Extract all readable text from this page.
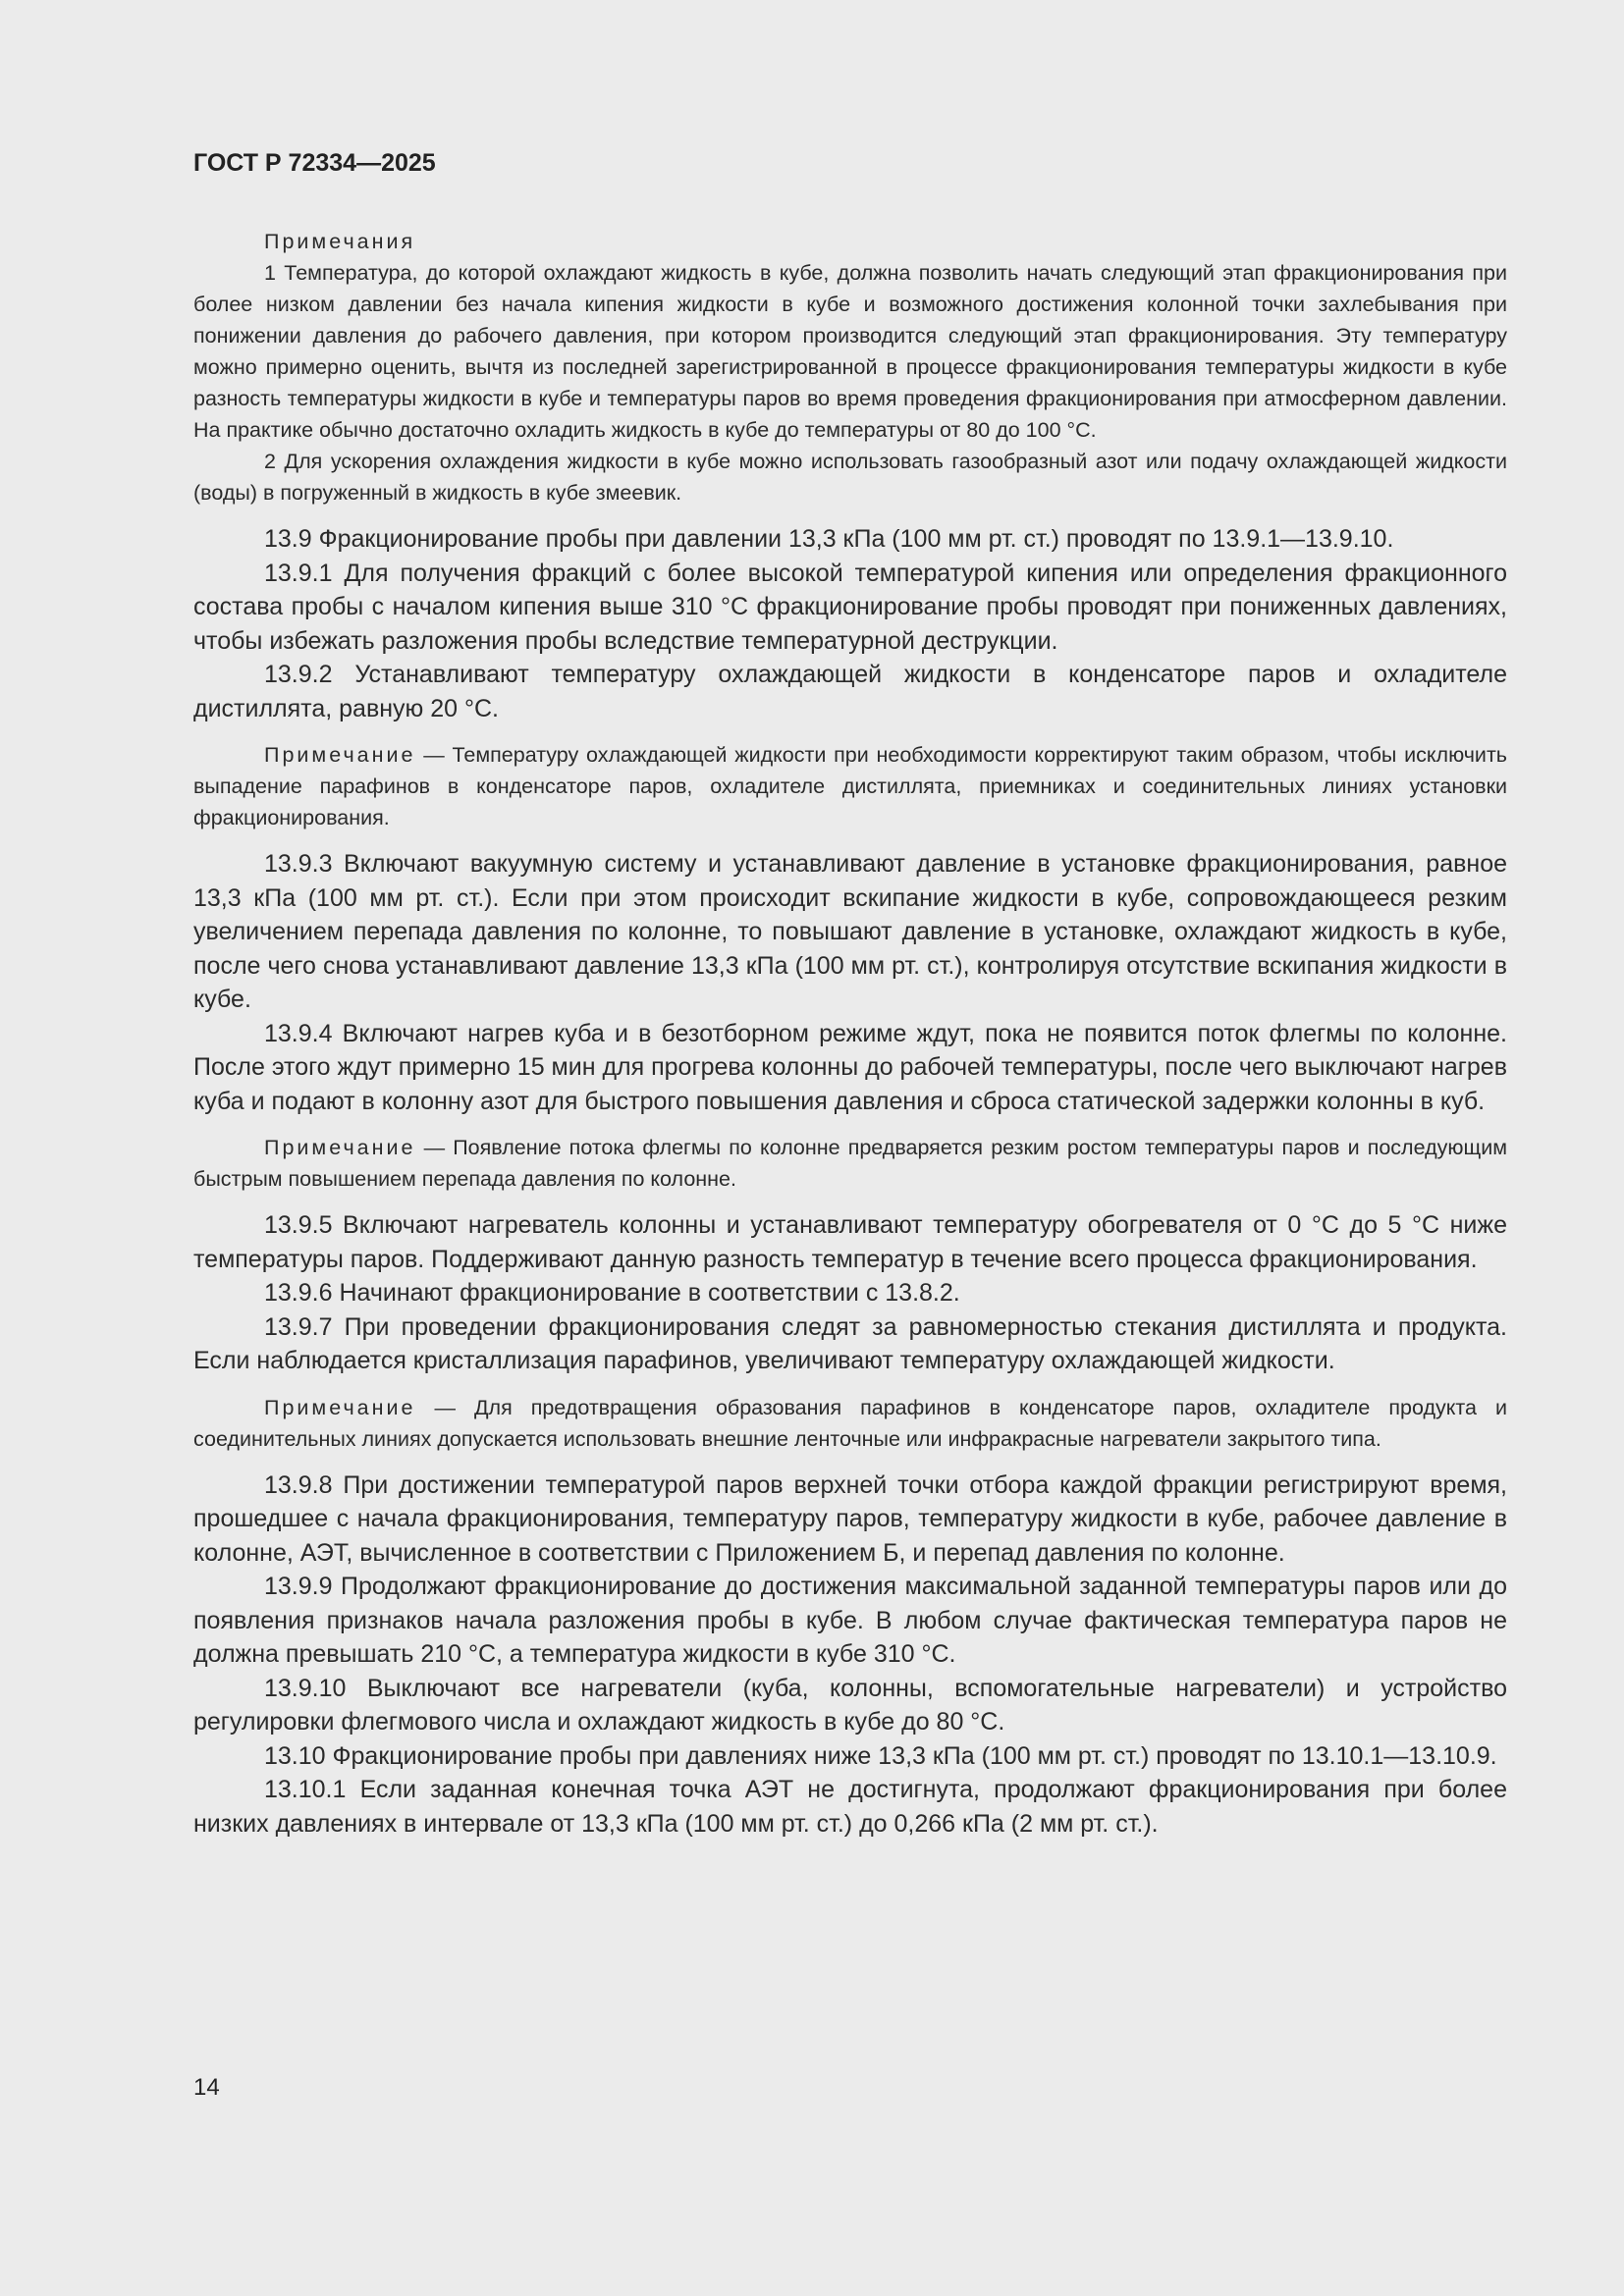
ГОСТ Р 72334—2025

Примечания

1 Температура, до которой охлаждают жидкость в кубе, должна позволить начать следующий этап фракционирования при более низком давлении без начала кипения жидкости в кубе и возможного достижения колонной точки захлебывания при понижении давления до рабочего давления, при котором производится следующий этап фракционирования. Эту температуру можно примерно оценить, вычтя из последней зарегистрированной в процессе фракционирования температуры жидкости в кубе разность температуры жидкости в кубе и температуры паров во время проведения фракционирования при атмосферном давлении. На практике обычно достаточно охладить жидкость в кубе до температуры от 80 до 100 °С.

2 Для ускорения охлаждения жидкости в кубе можно использовать газообразный азот или подачу охлаждающей жидкости (воды) в погруженный в жидкость в кубе змеевик.

13.9 Фракционирование пробы при давлении 13,3 кПа (100 мм рт. ст.) проводят по 13.9.1—13.9.10.

13.9.1 Для получения фракций с более высокой температурой кипения или определения фракционного состава пробы с началом кипения выше 310 °С фракционирование пробы проводят при пониженных давлениях, чтобы избежать разложения пробы вследствие температурной деструкции.

13.9.2 Устанавливают температуру охлаждающей жидкости в конденсаторе паров и охладителе дистиллята, равную 20 °С.

Примечание — Температуру охлаждающей жидкости при необходимости корректируют таким образом, чтобы исключить выпадение парафинов в конденсаторе паров, охладителе дистиллята, приемниках и соединительных линиях установки фракционирования.

13.9.3 Включают вакуумную систему и устанавливают давление в установке фракционирования, равное 13,3 кПа (100 мм рт. ст.). Если при этом происходит вскипание жидкости в кубе, сопровождающееся резким увеличением перепада давления по колонне, то повышают давление в установке, охлаждают жидкость в кубе, после чего снова устанавливают давление 13,3 кПа (100 мм рт. ст.), контролируя отсутствие вскипания жидкости в кубе.

13.9.4 Включают нагрев куба и в безотборном режиме ждут, пока не появится поток флегмы по колонне. После этого ждут примерно 15 мин для прогрева колонны до рабочей температуры, после чего выключают нагрев куба и подают в колонну азот для быстрого повышения давления и сброса статической задержки колонны в куб.

Примечание — Появление потока флегмы по колонне предваряется резким ростом температуры паров и последующим быстрым повышением перепада давления по колонне.

13.9.5 Включают нагреватель колонны и устанавливают температуру обогревателя от 0 °С до 5 °С ниже температуры паров. Поддерживают данную разность температур в течение всего процесса фракционирования.

13.9.6 Начинают фракционирование в соответствии с 13.8.2.

13.9.7 При проведении фракционирования следят за равномерностью стекания дистиллята и продукта. Если наблюдается кристаллизация парафинов, увеличивают температуру охлаждающей жидкости.

Примечание — Для предотвращения образования парафинов в конденсаторе паров, охладителе продукта и соединительных линиях допускается использовать внешние ленточные или инфракрасные нагреватели закрытого типа.

13.9.8 При достижении температурой паров верхней точки отбора каждой фракции регистрируют время, прошедшее с начала фракционирования, температуру паров, температуру жидкости в кубе, рабочее давление в колонне, АЭТ, вычисленное в соответствии с Приложением Б, и перепад давления по колонне.

13.9.9 Продолжают фракционирование до достижения максимальной заданной температуры паров или до появления признаков начала разложения пробы в кубе. В любом случае фактическая температура паров не должна превышать 210 °С, а температура жидкости в кубе 310 °С.

13.9.10 Выключают все нагреватели (куба, колонны, вспомогательные нагреватели) и устройство регулировки флегмового числа и охлаждают жидкость в кубе до 80 °С.

13.10 Фракционирование пробы при давлениях ниже 13,3 кПа (100 мм рт. ст.) проводят по 13.10.1—13.10.9.

13.10.1 Если заданная конечная точка АЭТ не достигнута, продолжают фракционирования при более низких давлениях в интервале от 13,3 кПа (100 мм рт. ст.) до 0,266 кПа (2 мм рт. ст.).

14
